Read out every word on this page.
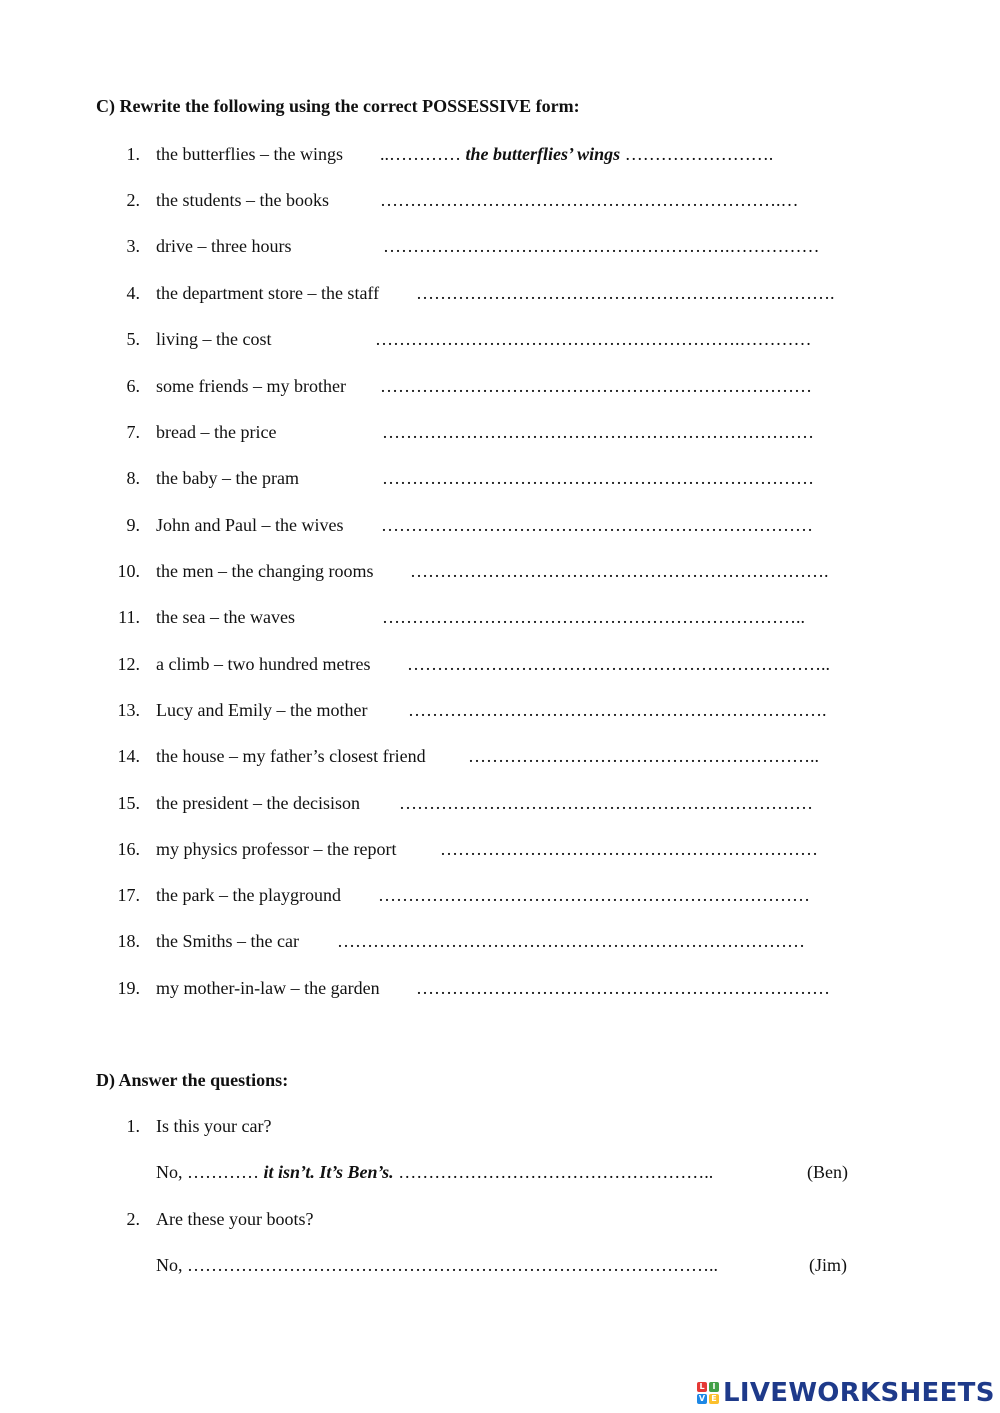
C) Rewrite the following using the correct POSSESSIVE form:
1. the butterflies – the wings ..………… the butterflies’ wings …………………….
2. the students – the books	………………………………………………………….…
3. drive – three hours	………………………………………………….……………
4. the department store – the staff …………………………………………………………….
5. living – the cost	…………………………………………………….…………
6. some friends – my brother ………………………………………………………………
7. bread – the price	………………………………………………………………
8. the baby – the pram	………………………………………………………………
9. John and Paul – the wives ………………………………………………………………
10. the men – the changing rooms …………………………………………………………….
11. the sea – the waves	……………………………………………………………..
12. a climb – two hundred metres ……………………………………………………………..
13. Lucy and Emily – the mother …………………………………………………………….
14. the house – my father’s closest friend …………………………………………………..
15. the president – the decisison ……………………………………………………………
16. my physics professor – the report ………………………………………………………
17. the park – the playground ………………………………………………………………
18. the Smiths – the car ……………………………………………………………………
19. my mother-in-law – the garden ……………………………………………………………
D) Answer the questions:
1. Is this your car?
No, ………… it isn’t. It’s Ben’s. ……………………………………………..	(Ben)
2. Are these your boots?
No, ……………………………………………………………………………..	(Jim)
L I
V E LIVEWORKSHEETS
